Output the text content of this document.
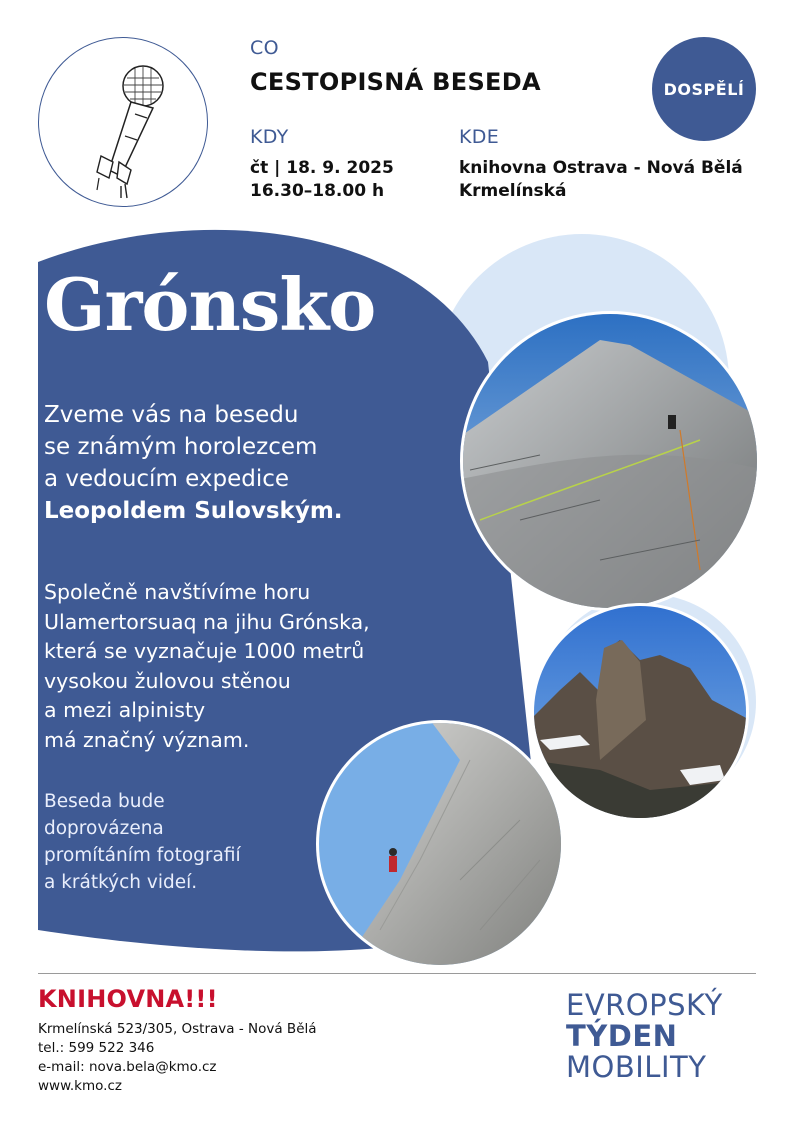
CO
CESTOPISNÁ BESEDA
KDY
čt | 18. 9. 2025
16.30–18.00 h
KDE
knihovna Ostrava - Nová Bělá
Krmelínská
DOSPĚLÍ
Grónsko
Zveme vás na besedu
se známým horolezcem
a vedoucím expedice
Leopoldem Sulovským.
Společně navštívíme horu
Ulamertorsuaq na jihu Grónska,
která se vyznačuje 1000 metrů
vysokou žulovou stěnou
a mezi alpinisty
má značný význam.
Beseda bude
doprovázena
promítáním fotografií
a krátkých videí.
KNIHOVNA!!!
Krmelínská 523/305, Ostrava - Nová Bělá
tel.: 599 522 346
e-mail: nova.bela@kmo.cz
www.kmo.cz
EVROPSKÝ
TÝDEN
MOBILITY
